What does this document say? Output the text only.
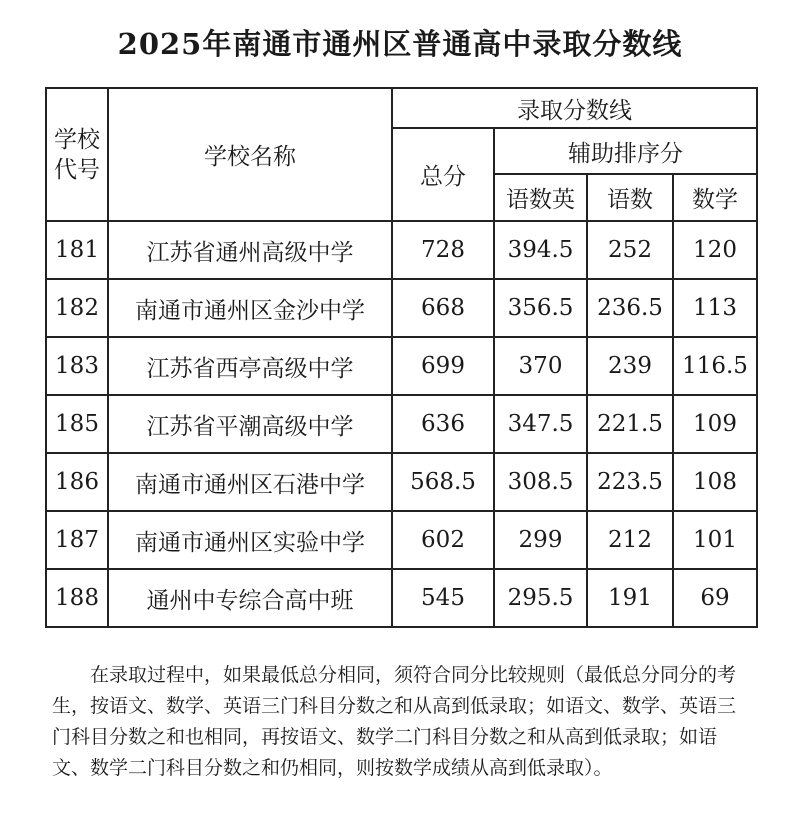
2025年南通市通州区普通高中录取分数线
学校代号	学校名称	录取分数线			
		总分	辅助排序分		
			语数英	语数	数学
181	江苏省通州高级中学	728	394.5	252	120
182	南通市通州区金沙中学	668	356.5	236.5	113
183	江苏省西亭高级中学	699	370	239	116.5
185	江苏省平潮高级中学	636	347.5	221.5	109
186	南通市通州区石港中学	568.5	308.5	223.5	108
187	南通市通州区实验中学	602	299	212	101
188	通州中专综合高中班	545	295.5	191	69
在录取过程中，如果最低总分相同，须符合同分比较规则（最低总分同分的考生，按语文、数学、英语三门科目分数之和从高到低录取；如语文、数学、英语三门科目分数之和也相同，再按语文、数学二门科目分数之和从高到低录取；如语文、数学二门科目分数之和仍相同，则按数学成绩从高到低录取）。
